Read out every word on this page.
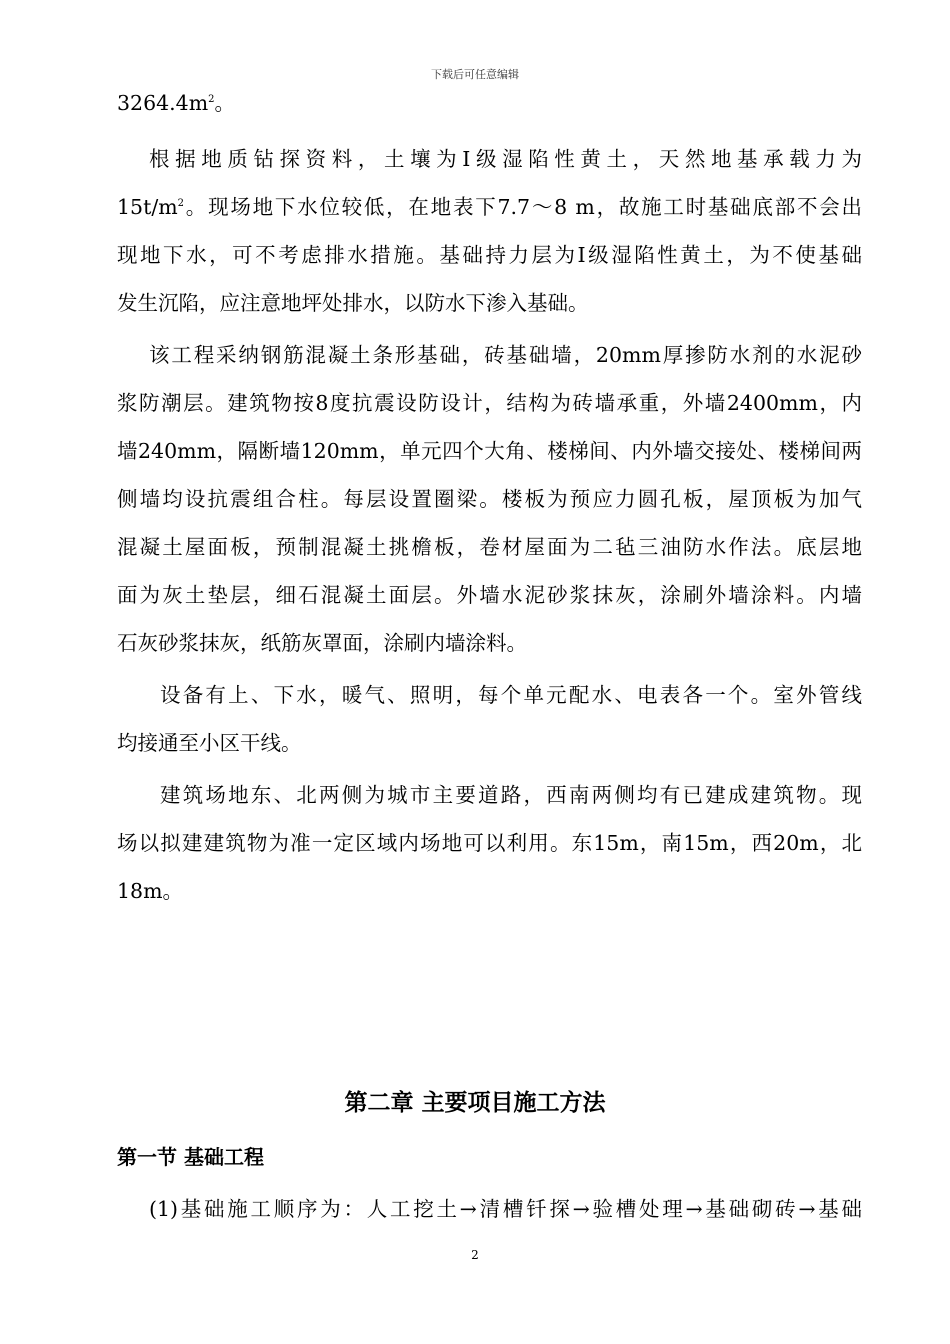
下载后可任意编辑
$3264.4m^2$。
根据地质钻探资料，土壤为Ⅰ级湿陷性黄土，天然地基承载力为
$15t/m^2$。现场地下水位较低，在地表下7.7～8 m，故施工时基础底部不会出
现地下水，可不考虑排水措施。基础持力层为Ⅰ级湿陷性黄土，为不使基础
发生沉陷，应注意地坪处排水，以防水下渗入基础。
该工程采纳钢筋混凝土条形基础，砖基础墙，20mm厚掺防水剂的水泥砂
浆防潮层。建筑物按8度抗震设防设计，结构为砖墙承重，外墙2400mm，内
墙240mm，隔断墙120mm，单元四个大角、楼梯间、内外墙交接处、楼梯间两
侧墙均设抗震组合柱。每层设置圈梁。楼板为预应力圆孔板，屋顶板为加气
混凝土屋面板，预制混凝土挑檐板，卷材屋面为二毡三油防水作法。底层地
面为灰土垫层，细石混凝土面层。外墙水泥砂浆抹灰，涂刷外墙涂料。内墙
石灰砂浆抹灰，纸筋灰罩面，涂刷内墙涂料。
设备有上、下水，暖气、照明，每个单元配水、电表各一个。室外管线
均接通至小区干线。
建筑场地东、北两侧为城市主要道路，西南两侧均有已建成建筑物。现
场以拟建建筑物为准一定区域内场地可以利用。东15m，南15m，西20m，北
18m。
第二章 主要项目施工方法
第一节 基础工程
(1)基础施工顺序为：人工挖土→清槽钎探→验槽处理→基础砌砖→基础
2
